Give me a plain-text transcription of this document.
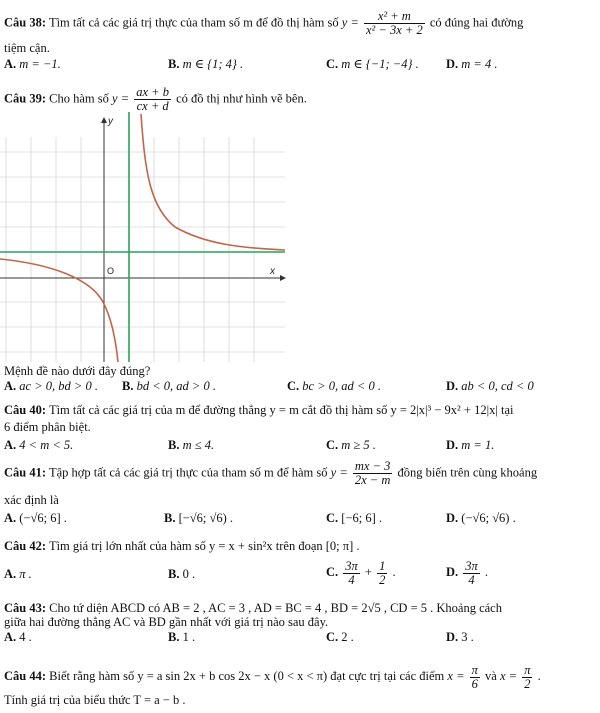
Câu 38: Tìm tất cả các giá trị thực của tham số m để đồ thị hàm số $y = \frac{\text{x² + m}}{\text{x² − 3x + 2}}$ có đúng hai đường
tiệm cận.
A. m = −1.	B. m ∈ {1; 4} .	C. m ∈ {−1; −4} . D. m = 4 .
Câu 39: Cho hàm số $y = \frac{ax + b}{cx + d}$ có đồ thị như hình vẽ bên.
y
x
O
Mệnh đề nào dưới đây đúng?
A. ac > 0, bd > 0 . B. bd < 0, ad > 0 .	C. bc > 0, ad < 0 .	D. ab < 0, cd < 0
Câu 40: Tìm tất cả các giá trị của m để đường thẳng y = m cắt đồ thị hàm số y = 2|x|³ − 9x² + 12|x| tại
6 điểm phân biệt.
A. 4 < m < 5.	B. m ≤ 4.	C. m ≥ 5 .	D. m = 1.
Câu 41: Tập hợp tất cả các giá trị thực của tham số m để hàm số $y = \frac{mx - 3}{2x - m}$ đồng biến trên cùng khoảng
xác định là
A. (−√6; 6] .	B. [−√6; √6) .	C. [−6; 6] .	D. (−√6; √6) .
Câu 42: Tìm giá trị lớn nhất của hàm số y = x + sin²x trên đoạn [0; π] .
A. π .	B. 0 .	C. $\frac{3\pi}{4} + \frac{1}{2}$ .	D. $\frac{3\pi}{4}$ .
Câu 43: Cho tứ diện ABCD có AB = 2 , AC = 3 , AD = BC = 4 , BD = 2√5 , CD = 5 . Khoảng cách
giữa hai đường thẳng AC và BD gần nhất với giá trị nào sau đây.
A. 4 .	B. 1 .	C. 2 .	D. 3 .
Câu 44: Biết rằng hàm số y = a sin 2x + b cos 2x − x (0 < x < π) đạt cực trị tại các điểm $x = \frac{\pi}{6}$ và $x = \frac{\pi}{2}$ .
Tính giá trị của biểu thức T = a − b .
